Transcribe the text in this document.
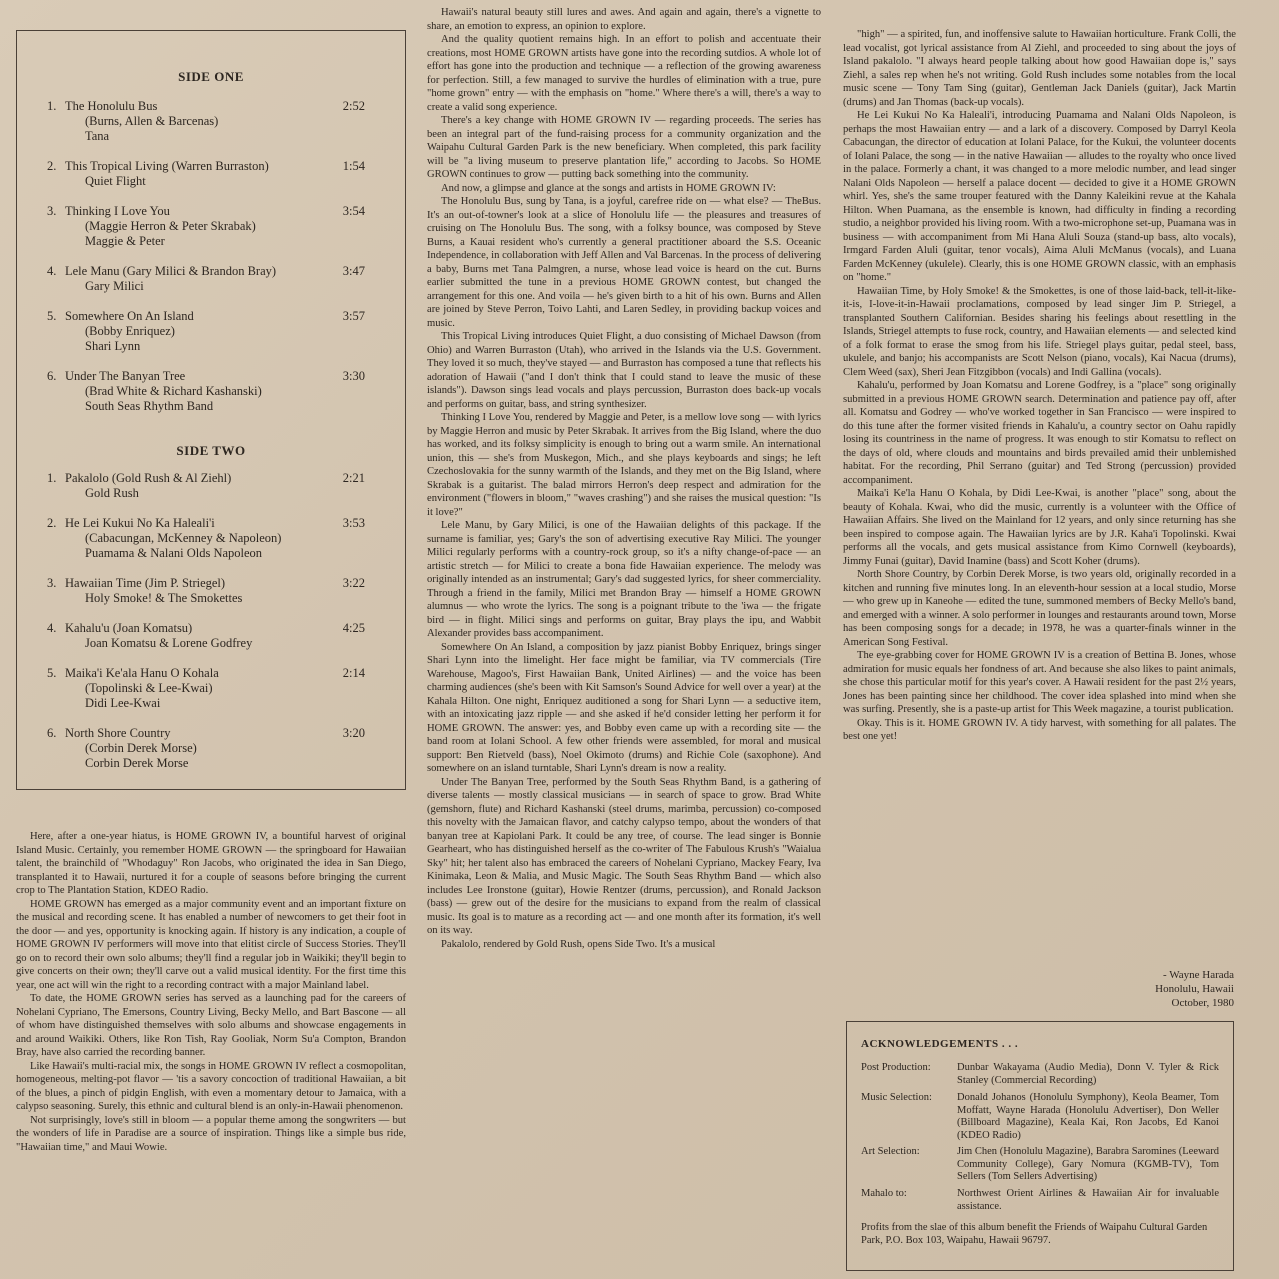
SIDE ONE
1. The Honolulu Bus	2:52
(Burns, Allen & Barcenas)
Tana
2. This Tropical Living (Warren Burraston)	1:54
Quiet Flight
3. Thinking I Love You	3:54
(Maggie Herron & Peter Skrabak)
Maggie & Peter
4. Lele Manu (Gary Milici & Brandon Bray)	3:47
Gary Milici
5. Somewhere On An Island	3:57
(Bobby Enriquez)
Shari Lynn
6. Under The Banyan Tree	3:30
(Brad White & Richard Kashanski)
South Seas Rhythm Band
SIDE TWO
1. Pakalolo (Gold Rush & Al Ziehl)	2:21
Gold Rush
2. He Lei Kukui No Ka Haleali'i	3:53
(Cabacungan, McKenney & Napoleon)
Puamama & Nalani Olds Napoleon
3. Hawaiian Time (Jim P. Striegel)	3:22
Holy Smoke! & The Smokettes
4. Kahalu'u (Joan Komatsu)	4:25
Joan Komatsu & Lorene Godfrey
5. Maika'i Ke'ala Hanu O Kohala	2:14
(Topolinski & Lee-Kwai)
Didi Lee-Kwai
6. North Shore Country	3:20
(Corbin Derek Morse)
Corbin Derek Morse

Here, after a one-year hiatus, is HOME GROWN IV, a bountiful harvest of original Island Music. Certainly, you remember HOME GROWN — the springboard for Hawaiian talent, the brainchild of "Whodaguy" Ron Jacobs, who originated the idea in San Diego, transplanted it to Hawaii, nurtured it for a couple of seasons before bringing the current crop to The Plantation Station, KDEO Radio.

HOME GROWN has emerged as a major community event and an important fixture on the musical and recording scene. It has enabled a number of newcomers to get their foot in the door — and yes, opportunity is knocking again. If history is any indication, a couple of HOME GROWN IV performers will move into that elitist circle of Success Stories. They'll go on to record their own solo albums; they'll find a regular job in Waikiki; they'll begin to give concerts on their own; they'll carve out a valid musical identity. For the first time this year, one act will win the right to a recording contract with a major Mainland label.

To date, the HOME GROWN series has served as a launching pad for the careers of Nohelani Cypriano, The Emersons, Country Living, Becky Mello, and Bart Bascone — all of whom have distinguished themselves with solo albums and showcase engagements in and around Waikiki. Others, like Ron Tish, Ray Gooliak, Norm Su'a Compton, Brandon Bray, have also carried the recording banner.

Like Hawaii's multi-racial mix, the songs in HOME GROWN IV reflect a cosmopolitan, homogeneous, melting-pot flavor — 'tis a savory concoction of traditional Hawaiian, a bit of the blues, a pinch of pidgin English, with even a momentary detour to Jamaica, with a calypso seasoning. Surely, this ethnic and cultural blend is an only-in-Hawaii phenomenon.

Not surprisingly, love's still in bloom — a popular theme among the songwriters — but the wonders of life in Paradise are a source of inspiration. Things like a simple bus ride, "Hawaiian time," and Maui Wowie.

Hawaii's natural beauty still lures and awes. And again and again, there's a vignette to share, an emotion to express, an opinion to explore.

And the quality quotient remains high. In an effort to polish and accentuate their creations, most HOME GROWN artists have gone into the recording sutdios. A whole lot of effort has gone into the production and technique — a reflection of the growing awareness for perfection. Still, a few managed to survive the hurdles of elimination with a true, pure "home grown" entry — with the emphasis on "home." Where there's a will, there's a way to create a valid song experience.

There's a key change with HOME GROWN IV — regarding proceeds. The series has been an integral part of the fund-raising process for a community organization and the Waipahu Cultural Garden Park is the new beneficiary. When completed, this park facility will be "a living museum to preserve plantation life," according to Jacobs. So HOME GROWN continues to grow — putting back something into the community.

And now, a glimpse and glance at the songs and artists in HOME GROWN IV:

The Honolulu Bus, sung by Tana, is a joyful, carefree ride on — what else? — TheBus. It's an out-of-towner's look at a slice of Honolulu life — the pleasures and treasures of cruising on The Honolulu Bus. The song, with a folksy bounce, was composed by Steve Burns, a Kauai resident who's currently a general practitioner aboard the S.S. Oceanic Independence, in collaboration with Jeff Allen and Val Barcenas. In the process of delivering a baby, Burns met Tana Palmgren, a nurse, whose lead voice is heard on the cut. Burns earlier submitted the tune in a previous HOME GROWN contest, but changed the arrangement for this one. And voila — he's given birth to a hit of his own. Burns and Allen are joined by Steve Perron, Toivo Lahti, and Laren Sedley, in providing backup voices and music.

This Tropical Living introduces Quiet Flight, a duo consisting of Michael Dawson (from Ohio) and Warren Burraston (Utah), who arrived in the Islands via the U.S. Government. They loved it so much, they've stayed — and Burraston has composed a tune that reflects his adoration of Hawaii ("and I don't think that I could stand to leave the music of these islands"). Dawson sings lead vocals and plays percussion, Burraston does back-up vocals and performs on guitar, bass, and string synthesizer.

Thinking I Love You, rendered by Maggie and Peter, is a mellow love song — with lyrics by Maggie Herron and music by Peter Skrabak. It arrives from the Big Island, where the duo has worked, and its folksy simplicity is enough to bring out a warm smile. An international union, this — she's from Muskegon, Mich., and she plays keyboards and sings; he left Czechoslovakia for the sunny warmth of the Islands, and they met on the Big Island, where Skrabak is a guitarist. The balad mirrors Herron's deep respect and admiration for the environment ("flowers in bloom," "waves crashing") and she raises the musical question: "Is it love?"

Lele Manu, by Gary Milici, is one of the Hawaiian delights of this package. If the surname is familiar, yes; Gary's the son of advertising executive Ray Milici. The younger Milici regularly performs with a country-rock group, so it's a nifty change-of-pace — an artistic stretch — for Milici to create a bona fide Hawaiian experience. The melody was originally intended as an instrumental; Gary's dad suggested lyrics, for sheer commerciality. Through a friend in the family, Milici met Brandon Bray — himself a HOME GROWN alumnus — who wrote the lyrics. The song is a poignant tribute to the 'iwa — the frigate bird — in flight. Milici sings and performs on guitar, Bray plays the ipu, and Wabbit Alexander provides bass accompaniment.

Somewhere On An Island, a composition by jazz pianist Bobby Enriquez, brings singer Shari Lynn into the limelight. Her face might be familiar, via TV commercials (Tire Warehouse, Magoo's, First Hawaiian Bank, United Airlines) — and the voice has been charming audiences (she's been with Kit Samson's Sound Advice for well over a year) at the Kahala Hilton. One night, Enriquez auditioned a song for Shari Lynn — a seductive item, with an intoxicating jazz ripple — and she asked if he'd consider letting her perform it for HOME GROWN. The answer: yes, and Bobby even came up with a recording site — the band room at Iolani School. A few other friends were assembled, for moral and musical support: Ben Rietveld (bass), Noel Okimoto (drums) and Richie Cole (saxophone). And somewhere on an island turntable, Shari Lynn's dream is now a reality.

Under The Banyan Tree, performed by the South Seas Rhythm Band, is a gathering of diverse talents — mostly classical musicians — in search of space to grow. Brad White (gemshorn, flute) and Richard Kashanski (steel drums, marimba, percussion) co-composed this novelty with the Jamaican flavor, and catchy calypso tempo, about the wonders of that banyan tree at Kapiolani Park. It could be any tree, of course. The lead singer is Bonnie Gearheart, who has distinguished herself as the co-writer of The Fabulous Krush's "Waialua Sky" hit; her talent also has embraced the careers of Nohelani Cypriano, Mackey Feary, Iva Kinimaka, Leon & Malia, and Music Magic. The South Seas Rhythm Band — which also includes Lee Ironstone (guitar), Howie Rentzer (drums, percussion), and Ronald Jackson (bass) — grew out of the desire for the musicians to expand from the realm of classical music. Its goal is to mature as a recording act — and one month after its formation, it's well on its way.

Pakalolo, rendered by Gold Rush, opens Side Two. It's a musical

"high" — a spirited, fun, and inoffensive salute to Hawaiian horticulture. Frank Colli, the lead vocalist, got lyrical assistance from Al Ziehl, and proceeded to sing about the joys of Island pakalolo. "I always heard people talking about how good Hawaiian dope is," says Ziehl, a sales rep when he's not writing. Gold Rush includes some notables from the local music scene — Tony Tam Sing (guitar), Gentleman Jack Daniels (guitar), Jack Martin (drums) and Jan Thomas (back-up vocals).

He Lei Kukui No Ka Haleali'i, introducing Puamama and Nalani Olds Napoleon, is perhaps the most Hawaiian entry — and a lark of a discovery. Composed by Darryl Keola Cabacungan, the director of education at Iolani Palace, for the Kukui, the volunteer docents of Iolani Palace, the song — in the native Hawaiian — alludes to the royalty who once lived in the palace. Formerly a chant, it was changed to a more melodic number, and lead singer Nalani Olds Napoleon — herself a palace docent — decided to give it a HOME GROWN whirl. Yes, she's the same trouper featured with the Danny Kaleikini revue at the Kahala Hilton. When Puamana, as the ensemble is known, had difficulty in finding a recording studio, a neighbor provided his living room. With a two-microphone set-up, Puamana was in business — with accompaniment from Mi Hana Aluli Souza (stand-up bass, alto vocals), Irmgard Farden Aluli (guitar, tenor vocals), Aima Aluli McManus (vocals), and Luana Farden McKenney (ukulele). Clearly, this is one HOME GROWN classic, with an emphasis on "home."

Hawaiian Time, by Holy Smoke! & the Smokettes, is one of those laid-back, tell-it-like-it-is, I-love-it-in-Hawaii proclamations, composed by lead singer Jim P. Striegel, a transplanted Southern Californian. Besides sharing his feelings about resettling in the Islands, Striegel attempts to fuse rock, country, and Hawaiian elements — and selected kind of a folk format to erase the smog from his life. Striegel plays guitar, pedal steel, bass, ukulele, and banjo; his accompanists are Scott Nelson (piano, vocals), Kai Nacua (drums), Clem Weed (sax), Sheri Jean Fitzgibbon (vocals) and Indi Gallina (vocals).

Kahalu'u, performed by Joan Komatsu and Lorene Godfrey, is a "place" song originally submitted in a previous HOME GROWN search. Determination and patience pay off, after all. Komatsu and Godrey — who've worked together in San Francisco — were inspired to do this tune after the former visited friends in Kahalu'u, a country sector on Oahu rapidly losing its countriness in the name of progress. It was enough to stir Komatsu to reflect on the days of old, where clouds and mountains and birds prevailed amid their unblemished habitat. For the recording, Phil Serrano (guitar) and Ted Strong (percussion) provided accompaniment.

Maika'i Ke'la Hanu O Kohala, by Didi Lee-Kwai, is another "place" song, about the beauty of Kohala. Kwai, who did the music, currently is a volunteer with the Office of Hawaiian Affairs. She lived on the Mainland for 12 years, and only since returning has she been inspired to compose again. The Hawaiian lyrics are by J.R. Kaha'i Topolinski. Kwai performs all the vocals, and gets musical assistance from Kimo Cornwell (keyboards), Jimmy Funai (guitar), David Inamine (bass) and Scott Koher (drums).

North Shore Country, by Corbin Derek Morse, is two years old, originally recorded in a kitchen and running five minutes long. In an eleventh-hour session at a local studio, Morse — who grew up in Kaneohe — edited the tune, summoned members of Becky Mello's band, and emerged with a winner. A solo performer in lounges and restaurants around town, Morse has been composing songs for a decade; in 1978, he was a quarter-finals winner in the American Song Festival.

The eye-grabbing cover for HOME GROWN IV is a creation of Bettina B. Jones, whose admiration for music equals her fondness of art. And because she also likes to paint animals, she chose this particular motif for this year's cover. A Hawaii resident for the past 2½ years, Jones has been painting since her childhood. The cover idea splashed into mind when she was surfing. Presently, she is a paste-up artist for This Week magazine, a tourist publication.

Okay. This is it. HOME GROWN IV. A tidy harvest, with something for all palates. The best one yet!

- Wayne Harada
Honolulu, Hawaii
October, 1980
ACKNOWLEDGEMENTS . . .
Post Production:	Dunbar Wakayama (Audio Media), Donn V. Tyler & Rick Stanley (Commercial Recording)
Music Selection:	Donald Johanos (Honolulu Symphony), Keola Beamer, Tom Moffatt, Wayne Harada (Honolulu Advertiser), Don Weller (Billboard Magazine), Keala Kai, Ron Jacobs, Ed Kanoi (KDEO Radio)
Art Selection:	Jim Chen (Honolulu Magazine), Barabra Saromines (Leeward Community College), Gary Nomura (KGMB-TV), Tom Sellers (Tom Sellers Advertising)
Mahalo to:	Northwest Orient Airlines & Hawaiian Air for invaluable assistance.
Profits from the slae of this album benefit the Friends of Waipahu Cultural Garden Park, P.O. Box 103, Waipahu, Hawaii 96797.
